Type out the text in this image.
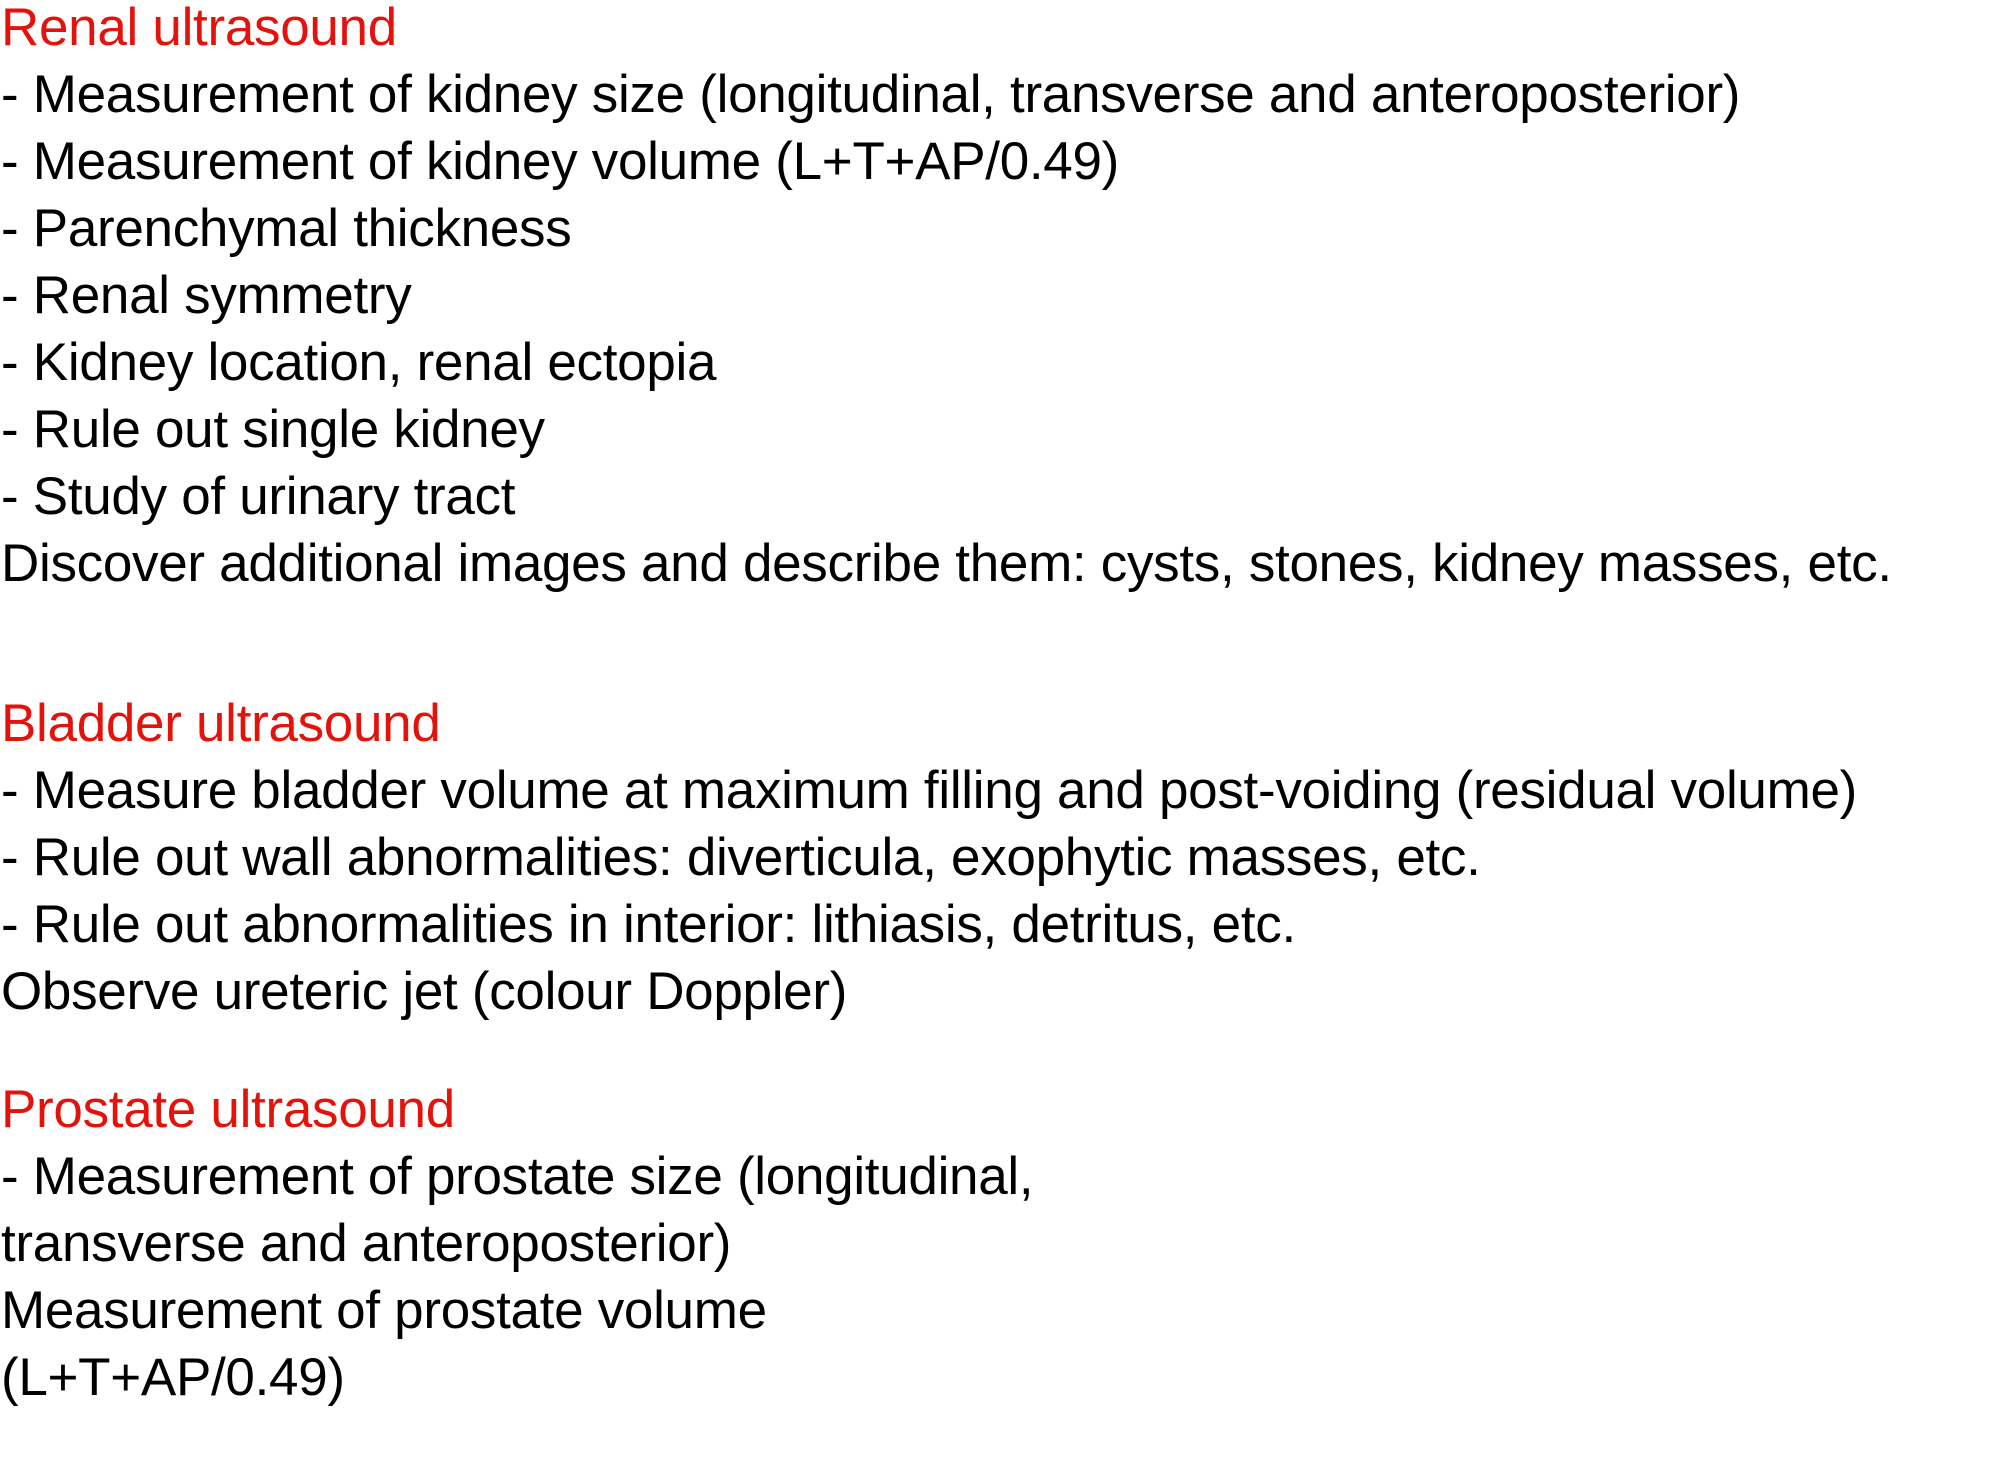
Renal ultrasound
- Measurement of kidney size (longitudinal, transverse and anteroposterior)
- Measurement of kidney volume (L+T+AP/0.49)
- Parenchymal thickness
- Renal symmetry
- Kidney location, renal ectopia
- Rule out single kidney
- Study of urinary tract
Discover additional images and describe them: cysts, stones, kidney masses, etc.
Bladder ultrasound
- Measure bladder volume at maximum filling and post-voiding (residual volume)
- Rule out wall abnormalities: diverticula, exophytic masses, etc.
- Rule out abnormalities in interior: lithiasis, detritus, etc.
Observe ureteric jet (colour Doppler)
Prostate ultrasound
- Measurement of prostate size (longitudinal,
transverse and anteroposterior)
Measurement of prostate volume
(L+T+AP/0.49)
